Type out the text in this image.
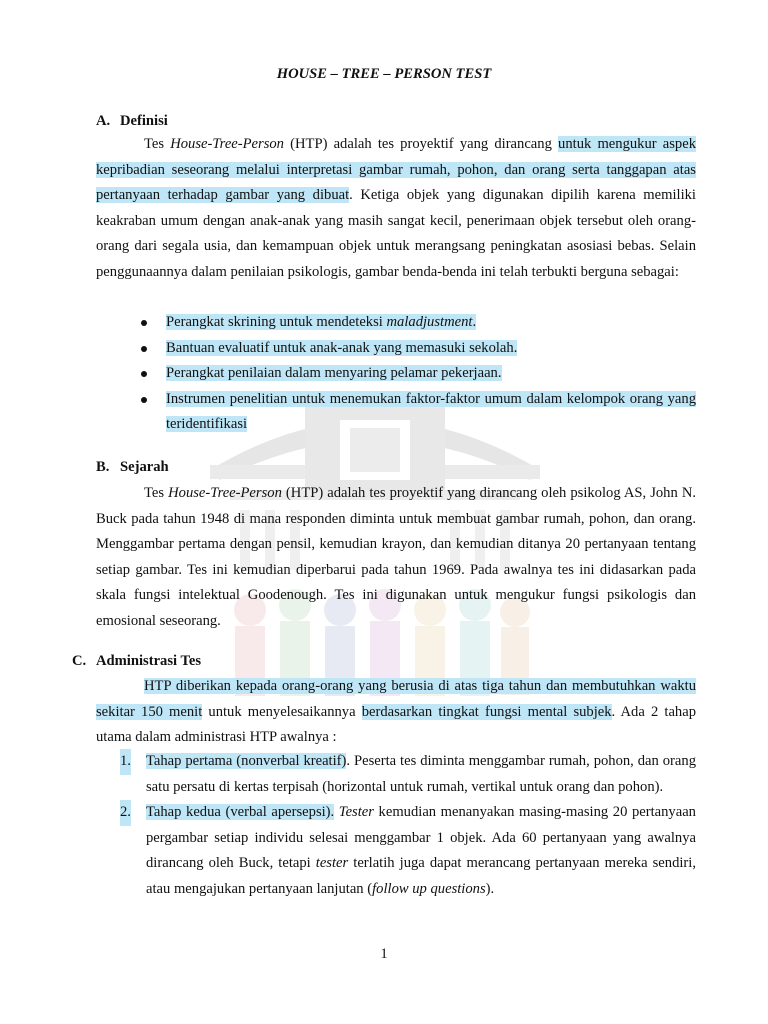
HOUSE – TREE – PERSON TEST
A. Definisi

Tes House-Tree-Person (HTP) adalah tes proyektif yang dirancang untuk mengukur aspek kepribadian seseorang melalui interpretasi gambar rumah, pohon, dan orang serta tanggapan atas pertanyaan terhadap gambar yang dibuat. Ketiga objek yang digunakan dipilih karena memiliki keakraban umum dengan anak-anak yang masih sangat kecil, penerimaan objek tersebut oleh orang-orang dari segala usia, dan kemampuan objek untuk merangsang peningkatan asosiasi bebas. Selain penggunaannya dalam penilaian psikologis, gambar benda-benda ini telah terbukti berguna sebagai:

Perangkat skrining untuk mendeteksi maladjustment.
Bantuan evaluatif untuk anak-anak yang memasuki sekolah.
Perangkat penilaian dalam menyaring pelamar pekerjaan.
Instrumen penelitian untuk menemukan faktor-faktor umum dalam kelompok orang yang teridentifikasi
B. Sejarah

Tes House-Tree-Person (HTP) adalah tes proyektif yang dirancang oleh psikolog AS, John N. Buck pada tahun 1948 di mana responden diminta untuk membuat gambar rumah, pohon, dan orang. Menggambar pertama dengan pensil, kemudian krayon, dan kemudian ditanya 20 pertanyaan tentang setiap gambar. Tes ini kemudian diperbarui pada tahun 1969. Pada awalnya tes ini didasarkan pada skala fungsi intelektual Goodenough. Tes ini digunakan untuk mengukur fungsi psikologis dan emosional seseorang.

C. Administrasi Tes

HTP diberikan kepada orang-orang yang berusia di atas tiga tahun dan membutuhkan waktu sekitar 150 menit untuk menyelesaikannya berdasarkan tingkat fungsi mental subjek. Ada 2 tahap utama dalam administrasi HTP awalnya :

1. Tahap pertama (nonverbal kreatif). Peserta tes diminta menggambar rumah, pohon, dan orang satu persatu di kertas terpisah (horizontal untuk rumah, vertikal untuk orang dan pohon).
2. Tahap kedua (verbal apersepsi). Tester kemudian menanyakan masing-masing 20 pertanyaan pergambar setiap individu selesai menggambar 1 objek. Ada 60 pertanyaan yang awalnya dirancang oleh Buck, tetapi tester terlatih juga dapat merancang pertanyaan mereka sendiri, atau mengajukan pertanyaan lanjutan (follow up questions).
1
